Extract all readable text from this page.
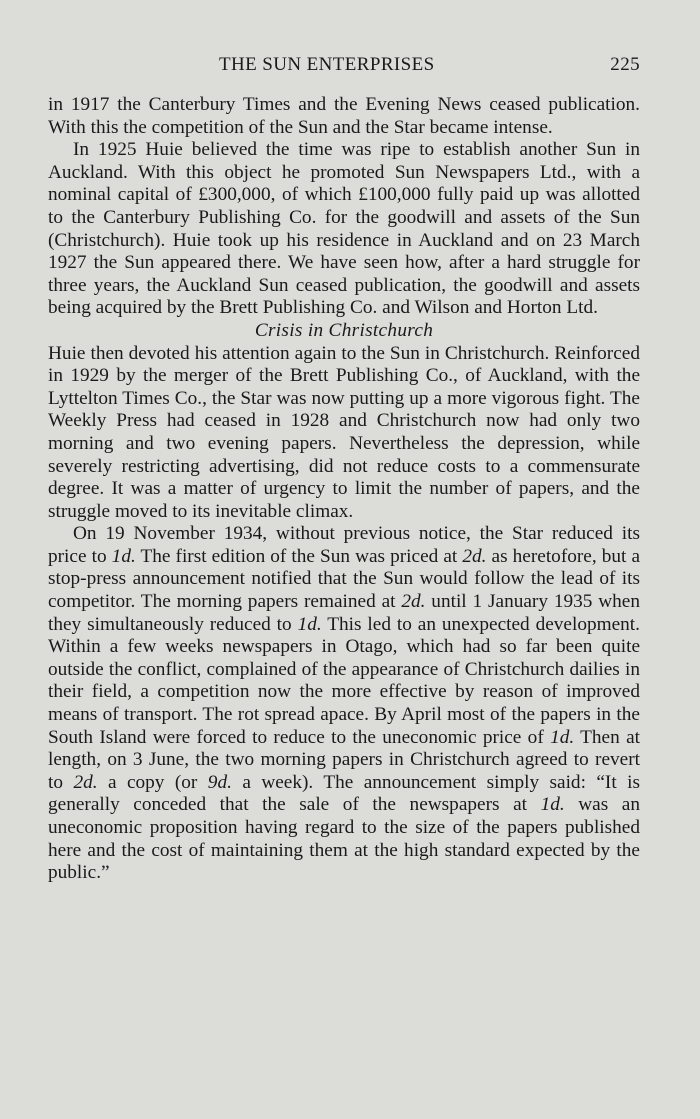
THE SUN ENTERPRISES	225

in 1917 the Canterbury Times and the Evening News ceased publication. With this the competition of the Sun and the Star became intense.

In 1925 Huie believed the time was ripe to establish another Sun in Auckland. With this object he promoted Sun Newspapers Ltd., with a nominal capital of £300,000, of which £100,000 fully paid up was allotted to the Canterbury Publishing Co. for the goodwill and assets of the Sun (Christchurch). Huie took up his residence in Auckland and on 23 March 1927 the Sun appeared there. We have seen how, after a hard struggle for three years, the Auckland Sun ceased publication, the goodwill and assets being acquired by the Brett Publishing Co. and Wilson and Horton Ltd.

Crisis in Christchurch

Huie then devoted his attention again to the Sun in Christchurch. Reinforced in 1929 by the merger of the Brett Publishing Co., of Auckland, with the Lyttelton Times Co., the Star was now putting up a more vigorous fight. The Weekly Press had ceased in 1928 and Christchurch now had only two morning and two evening papers. Nevertheless the depression, while severely restricting advertising, did not reduce costs to a commensurate degree. It was a matter of urgency to limit the number of papers, and the struggle moved to its inevitable climax.

On 19 November 1934, without previous notice, the Star reduced its price to 1d. The first edition of the Sun was priced at 2d. as heretofore, but a stop-press announcement notified that the Sun would follow the lead of its competitor. The morning papers remained at 2d. until 1 January 1935 when they simultaneously reduced to 1d. This led to an unexpected development. Within a few weeks newspapers in Otago, which had so far been quite outside the conflict, complained of the appearance of Christchurch dailies in their field, a competition now the more effective by reason of improved means of transport. The rot spread apace. By April most of the papers in the South Island were forced to reduce to the uneconomic price of 1d. Then at length, on 3 June, the two morning papers in Christchurch agreed to revert to 2d. a copy (or 9d. a week). The announcement simply said: “It is generally conceded that the sale of the newspapers at 1d. was an uneconomic proposition having regard to the size of the papers published here and the cost of maintaining them at the high standard expected by the public.”
